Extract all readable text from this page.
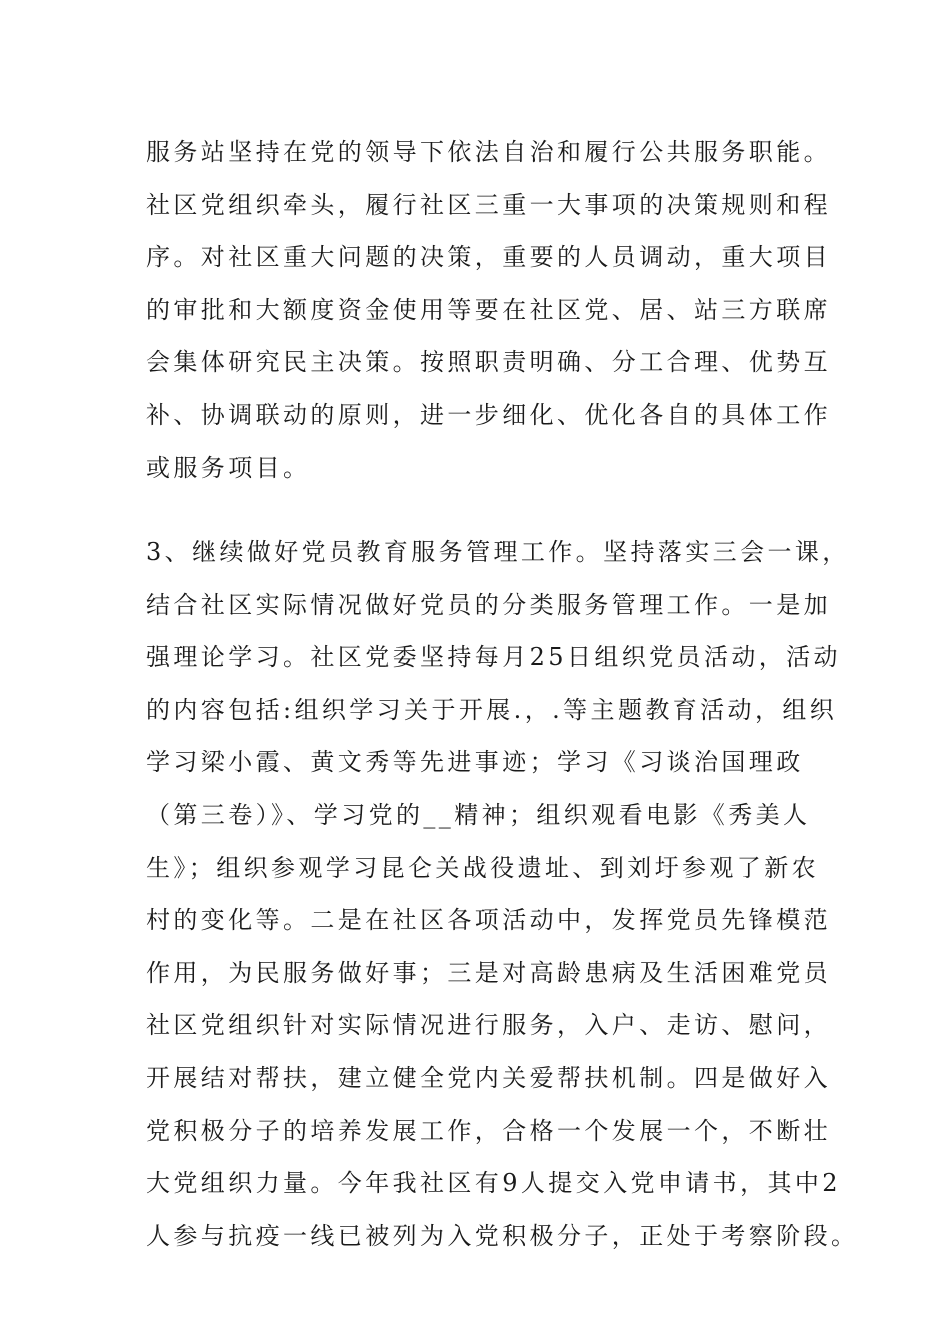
服务站坚持在党的领导下依法自治和履行公共服务职能。
社区党组织牵头，履行社区三重一大事项的决策规则和程
序。对社区重大问题的决策，重要的人员调动，重大项目
的审批和大额度资金使用等要在社区党、居、站三方联席
会集体研究民主决策。按照职责明确、分工合理、优势互
补、协调联动的原则，进一步细化、优化各自的具体工作
或服务项目。
3、继续做好党员教育服务管理工作。坚持落实三会一课，
结合社区实际情况做好党员的分类服务管理工作。一是加
强理论学习。社区党委坚持每月25日组织党员活动，活动
的内容包括:组织学习关于开展.，.等主题教育活动，组织
学习梁小霞、黄文秀等先进事迹；学习《习谈治国理政
（第三卷）》、学习党的__精神；组织观看电影《秀美人
生》；组织参观学习昆仑关战役遗址、到刘圩参观了新农
村的变化等。二是在社区各项活动中，发挥党员先锋模范
作用，为民服务做好事；三是对高龄患病及生活困难党员
社区党组织针对实际情况进行服务，入户、走访、慰问，
开展结对帮扶，建立健全党内关爱帮扶机制。四是做好入
党积极分子的培养发展工作，合格一个发展一个，不断壮
大党组织力量。今年我社区有9人提交入党申请书，其中2
人参与抗疫一线已被列为入党积极分子，正处于考察阶段。
